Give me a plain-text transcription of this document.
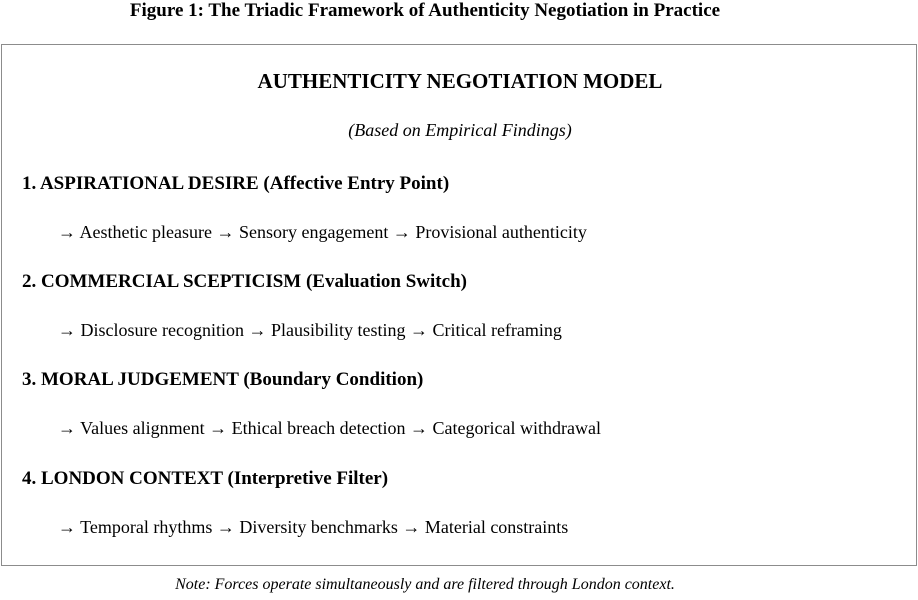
Figure 1: The Triadic Framework of Authenticity Negotiation in Practice
AUTHENTICITY NEGOTIATION MODEL
(Based on Empirical Findings)
1. ASPIRATIONAL DESIRE (Affective Entry Point)
→ Aesthetic pleasure → Sensory engagement → Provisional authenticity
2. COMMERCIAL SCEPTICISM (Evaluation Switch)
→ Disclosure recognition → Plausibility testing → Critical reframing
3. MORAL JUDGEMENT (Boundary Condition)
→ Values alignment → Ethical breach detection → Categorical withdrawal
4. LONDON CONTEXT (Interpretive Filter)
→ Temporal rhythms → Diversity benchmarks → Material constraints
Note: Forces operate simultaneously and are filtered through London context.
